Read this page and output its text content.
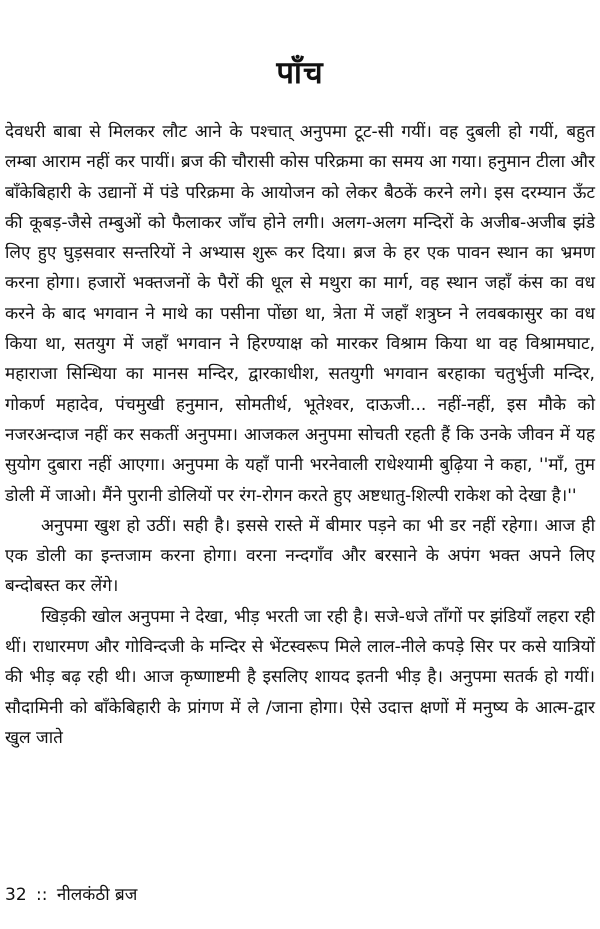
पाँच

देवधरी बाबा से मिलकर लौट आने के पश्चात् अनुपमा टूट-सी गयीं। वह दुबली हो गयीं, बहुत लम्बा आराम नहीं कर पायीं। ब्रज की चौरासी कोस परिक्रमा का समय आ गया। हनुमान टीला और बाँकेबिहारी के उद्यानों में पंडे परिक्रमा के आयोजन को लेकर बैठकें करने लगे। इस दरम्यान ऊँट की कूबड़-जैसे तम्बुओं को फैलाकर जाँच होने लगी। अलग-अलग मन्दिरों के अजीब-अजीब झंडे लिए हुए घुड़सवार सन्तरियों ने अभ्यास शुरू कर दिया। ब्रज के हर एक पावन स्थान का भ्रमण करना होगा। हजारों भक्तजनों के पैरों की धूल से मथुरा का मार्ग, वह स्थान जहाँ कंस का वध करने के बाद भगवान ने माथे का पसीना पोंछा था, त्रेता में जहाँ शत्रुघ्न ने लवबकासुर का वध किया था, सतयुग में जहाँ भगवान ने हिरण्याक्ष को मारकर विश्राम किया था वह विश्रामघाट, महाराजा सिन्धिया का मानस मन्दिर, द्वारकाधीश, सतयुगी भगवान बरहाका चतुर्भुजी मन्दिर, गोकर्ण महादेव, पंचमुखी हनुमान, सोमतीर्थ, भूतेश्वर, दाऊजी... नहीं-नहीं, इस मौके को नजरअन्दाज नहीं कर सकतीं अनुपमा। आजकल अनुपमा सोचती रहती हैं कि उनके जीवन में यह सुयोग दुबारा नहीं आएगा। अनुपमा के यहाँ पानी भरनेवाली राधेश्यामी बुढ़िया ने कहा, ''माँ, तुम डोली में जाओ। मैंने पुरानी डोलियों पर रंग-रोगन करते हुए अष्टधातु-शिल्पी राकेश को देखा है।''

अनुपमा खुश हो उठीं। सही है। इससे रास्ते में बीमार पड़ने का भी डर नहीं रहेगा। आज ही एक डोली का इन्तजाम करना होगा। वरना नन्दगाँव और बरसाने के अपंग भक्त अपने लिए बन्दोबस्त कर लेंगे।

खिड़की खोल अनुपमा ने देखा, भीड़ भरती जा रही है। सजे-धजे ताँगों पर झंडियाँ लहरा रही थीं। राधारमण और गोविन्दजी के मन्दिर से भेंटस्वरूप मिले लाल-नीले कपड़े सिर पर कसे यात्रियों की भीड़ बढ़ रही थी। आज कृष्णाष्टमी है इसलिए शायद इतनी भीड़ है। अनुपमा सतर्क हो गयीं। सौदामिनी को बाँकेबिहारी के प्रांगण में ले /जाना होगा। ऐसे उदात्त क्षणों में मनुष्य के आत्म-द्वार खुल जाते

32 :: नीलकंठी ब्रज
